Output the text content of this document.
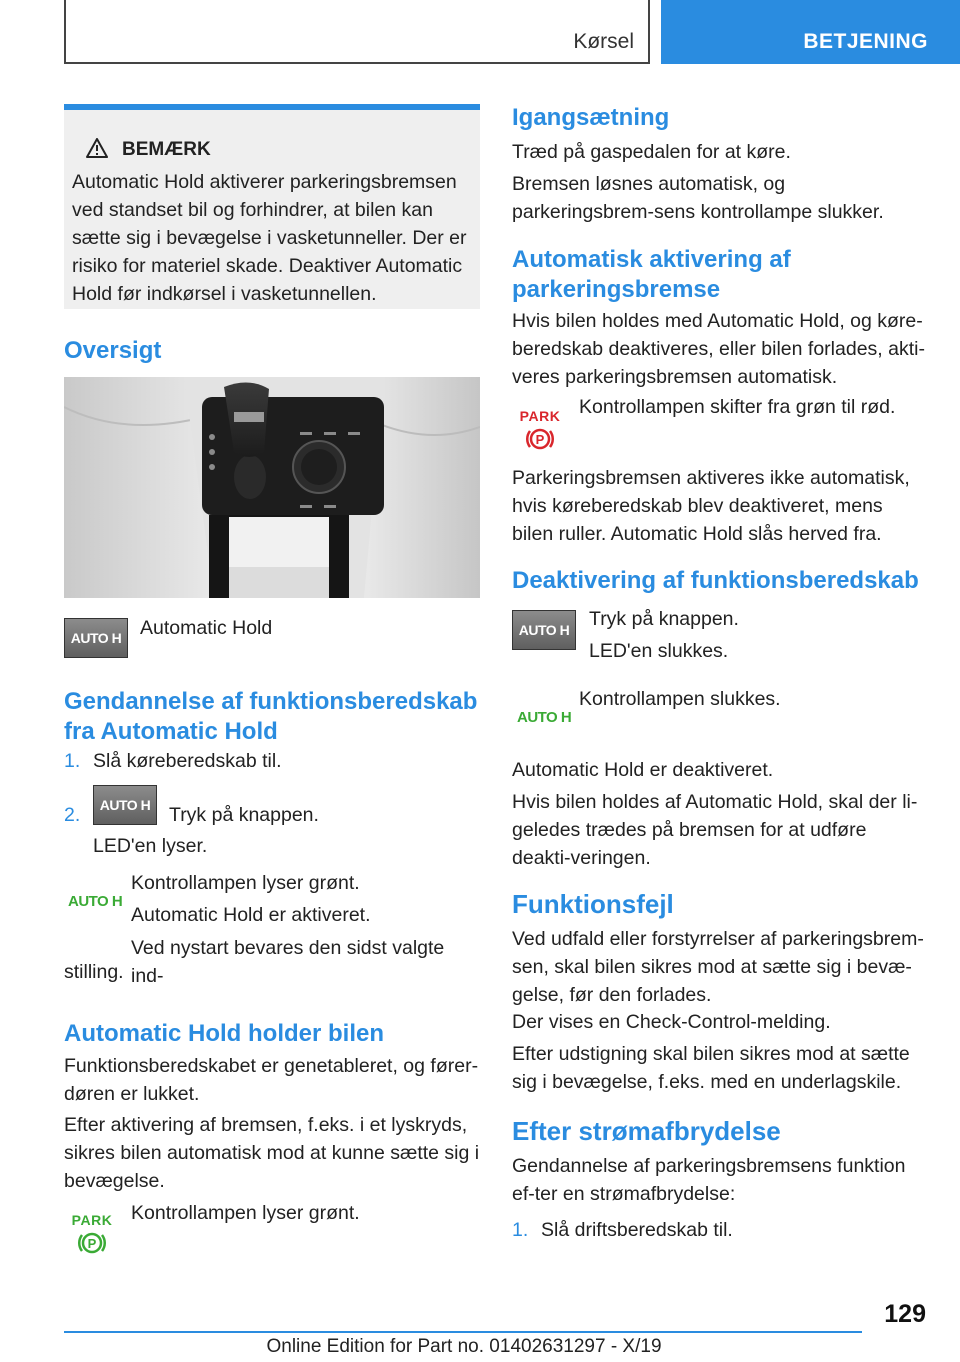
Kørsel	BETJENING
BEMÆRK

Automatic Hold aktiverer parkeringsbremsen ved standset bil og forhindrer, at bilen kan sætte sig i bevægelse i vasketunneller. Der er risiko for materiel skade. Deaktiver Automatic Hold før indkørsel i vasketunnellen.

Oversigt
AUTO H Automatic Hold

Gendannelse af funktionsberedskab fra Automatic Hold
1. Slå køreberedskab til.

2.	AUTO H Tryk på knappen.

LED'en lyser.

AUTO H

Kontrollampen lyser grønt.

Automatic Hold er aktiveret.

Ved nystart bevares den sidst valgte ind-

stilling.

Automatic Hold holder bilen

Funktionsberedskabet er genetableret, og fører-døren er lukket.

Efter aktivering af bremsen, f.eks. i et lyskryds, sikres bilen automatisk mod at kunne sætte sig i bevægelse.

PARK
P

Kontrollampen lyser grønt.

Igangsætning

Træd på gaspedalen for at køre.

Bremsen løsnes automatisk, og parkeringsbrem-sens kontrollampe slukker.

Automatisk aktivering af parkeringsbremse

Hvis bilen holdes med Automatic Hold, og køre-beredskab deaktiveres, eller bilen forlades, akti-veres parkeringsbremsen automatisk.

PARK
P

Kontrollampen skifter fra grøn til rød.

Parkeringsbremsen aktiveres ikke automatisk, hvis køreberedskab blev deaktiveret, mens bilen ruller. Automatic Hold slås herved fra.

Deaktivering af funktionsberedskab
AUTO H	Tryk på knappen.

LED'en slukkes.

AUTO H

Kontrollampen slukkes.

Automatic Hold er deaktiveret.

Hvis bilen holdes af Automatic Hold, skal der li-geledes trædes på bremsen for at udføre deakti-veringen.

Funktionsfejl

Ved udfald eller forstyrrelser af parkeringsbrem-sen, skal bilen sikres mod at sætte sig i bevæ-gelse, før den forlades.

Der vises en Check-Control-melding.

Efter udstigning skal bilen sikres mod at sætte sig i bevægelse, f.eks. med en underlagskile.

Efter strømafbrydelse

Gendannelse af parkeringsbremsens funktion ef-ter en strømafbrydelse:

1. Slå driftsberedskab til.

129
Online Edition for Part no. 01402631297 - X/19
